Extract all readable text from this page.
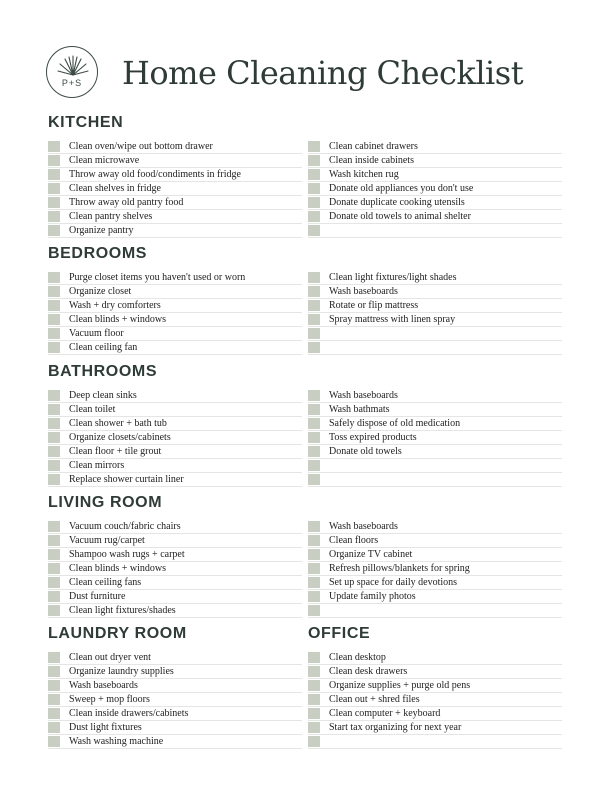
P+S	Home Cleaning Checklist
KITCHEN
Clean oven/wipe out bottom drawer
Clean microwave
Throw away old food/condiments in fridge
Clean shelves in fridge
Throw away old pantry food
Clean pantry shelves
Organize pantry
Clean cabinet drawers
Clean inside cabinets
Wash kitchen rug
Donate old appliances you don't use
Donate duplicate cooking utensils
Donate old towels to animal shelter
BEDROOMS
Purge closet items you haven't used or worn
Organize closet
Wash + dry comforters
Clean blinds + windows
Vacuum floor
Clean ceiling fan
Clean light fixtures/light shades
Wash baseboards
Rotate or flip mattress
Spray mattress with linen spray
BATHROOMS
Deep clean sinks
Clean toilet
Clean shower + bath tub
Organize closets/cabinets
Clean floor + tile grout
Clean mirrors
Replace shower curtain liner
Wash baseboards
Wash bathmats
Safely dispose of old medication
Toss expired products
Donate old towels
LIVING ROOM
Vacuum couch/fabric chairs
Vacuum rug/carpet
Shampoo wash rugs + carpet
Clean blinds + windows
Clean ceiling fans
Dust furniture
Clean light fixtures/shades
Wash baseboards
Clean floors
Organize TV cabinet
Refresh pillows/blankets for spring
Set up space for daily devotions
Update family photos
LAUNDRY ROOM	OFFICE
Clean out dryer vent
Organize laundry supplies
Wash baseboards
Sweep + mop floors
Clean inside drawers/cabinets
Dust light fixtures
Wash washing machine
Clean desktop
Clean desk drawers
Organize supplies + purge old pens
Clean out + shred files
Clean computer + keyboard
Start tax organizing for next year
